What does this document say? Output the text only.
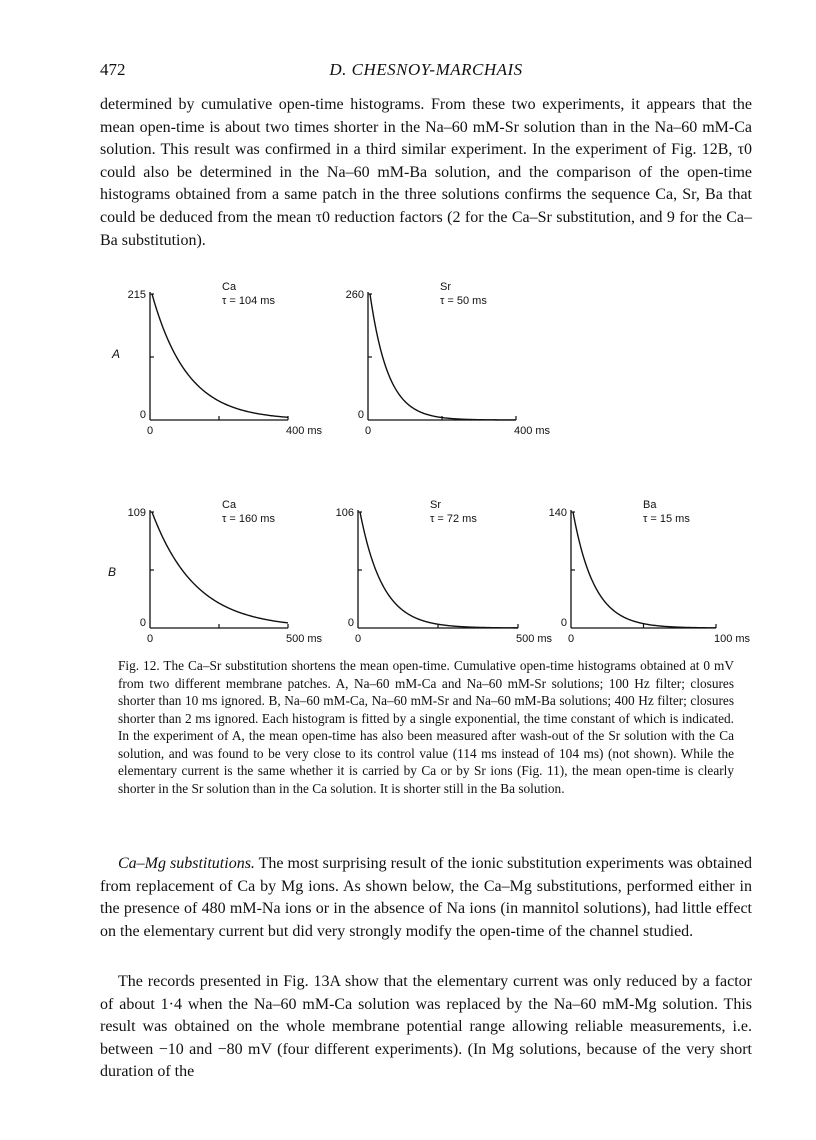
472	D. CHESNOY-MARCHAIS

determined by cumulative open-time histograms. From these two experiments, it appears that the mean open-time is about two times shorter in the Na–60 mM-Sr solution than in the Na–60 mM-Ca solution. This result was confirmed in a third similar experiment. In the experiment of Fig. 12B, τ0 could also be determined in the Na–60 mM-Ba solution, and the comparison of the open-time histograms obtained from a same patch in the three solutions confirms the sequence Ca, Sr, Ba that could be deduced from the mean τ0 reduction factors (2 for the Ca–Sr substitution, and 9 for the Ca–Ba substitution).

A
B
215
0
0	400 ms
Ca
τ = 104 ms	260
0
0	400 ms
Sr
τ = 50 ms
109
0
0	500 ms
Ca
τ = 160 ms	106
0
0	500 ms
Sr
τ = 72 ms	140
0
0	100 ms
Ba
τ = 15 ms

Fig. 12. The Ca–Sr substitution shortens the mean open-time. Cumulative open-time histograms obtained at 0 mV from two different membrane patches. A, Na–60 mM-Ca and Na–60 mM-Sr solutions; 100 Hz filter; closures shorter than 10 ms ignored. B, Na–60 mM-Ca, Na–60 mM-Sr and Na–60 mM-Ba solutions; 400 Hz filter; closures shorter than 2 ms ignored. Each histogram is fitted by a single exponential, the time constant of which is indicated. In the experiment of A, the mean open-time has also been measured after wash-out of the Sr solution with the Ca solution, and was found to be very close to its control value (114 ms instead of 104 ms) (not shown). While the elementary current is the same whether it is carried by Ca or by Sr ions (Fig. 11), the mean open-time is clearly shorter in the Sr solution than in the Ca solution. It is shorter still in the Ba solution.

Ca–Mg substitutions. The most surprising result of the ionic substitution experiments was obtained from replacement of Ca by Mg ions. As shown below, the Ca–Mg substitutions, performed either in the presence of 480 mM-Na ions or in the absence of Na ions (in mannitol solutions), had little effect on the elementary current but did very strongly modify the open-time of the channel studied.

The records presented in Fig. 13A show that the elementary current was only reduced by a factor of about 1·4 when the Na–60 mM-Ca solution was replaced by the Na–60 mM-Mg solution. This result was obtained on the whole membrane potential range allowing reliable measurements, i.e. between −10 and −80 mV (four different experiments). (In Mg solutions, because of the very short duration of the
